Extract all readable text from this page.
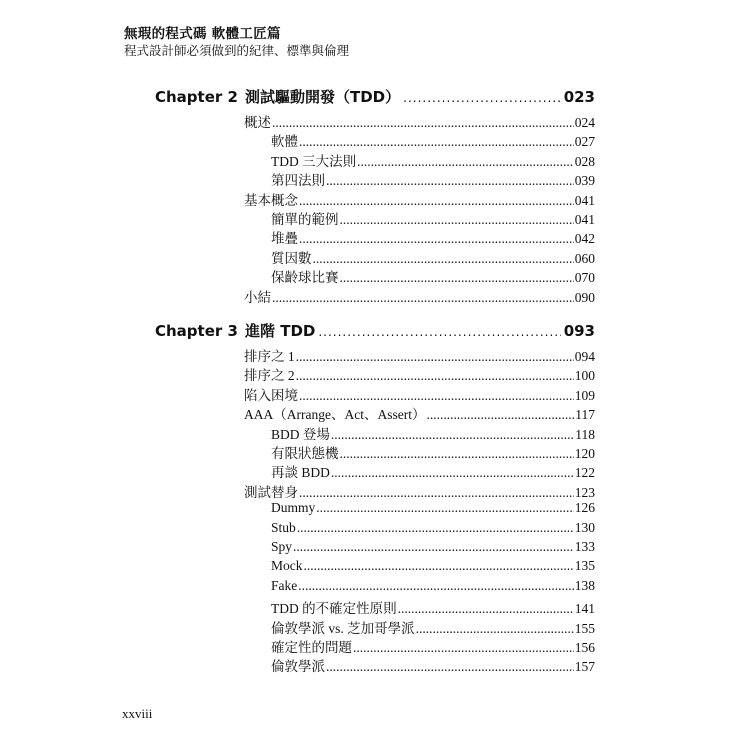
無瑕的程式碼 軟體工匠篇
程式設計師必須做到的紀律、標準與倫理
Chapter 2 測試驅動開發（TDD） .....	023
概述 .....	024
軟體 .....	027
TDD 三大法則 .....	028
第四法則 .....	039
基本概念 .....	041
簡單的範例 .....	041
堆疊 .....	042
質因數 .....	060
保齡球比賽 .....	070
小結 .....	090
Chapter 3 進階 TDD .....	093
排序之 1 .....	094
排序之 2 .....	100
陷入困境 .....	109
AAA（Arrange、Act、Assert） .....	117
BDD 登場 .....	118
有限狀態機 .....	120
再談 BDD .....	122
測試替身 .....	123
Dummy .....	126
Stub .....	130
Spy .....	133
Mock .....	135
Fake .....	138
TDD 的不確定性原則 .....	141
倫敦學派 vs. 芝加哥學派 .....	155
確定性的問題 .....	156
倫敦學派 .....	157
xxviii
